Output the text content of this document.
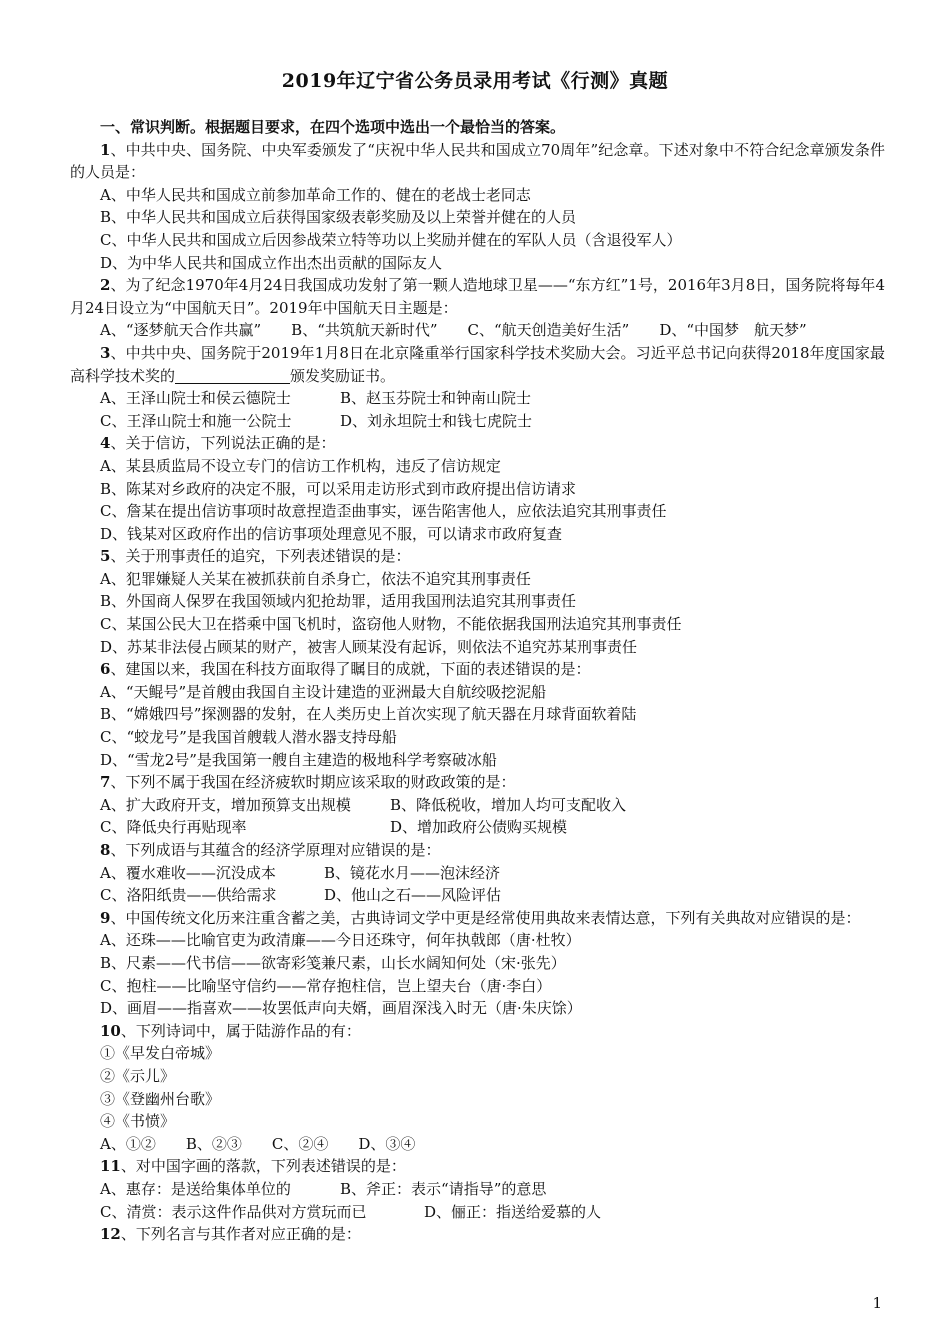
2019年辽宁省公务员录用考试《行测》真题

一、常识判断。根据题目要求，在四个选项中选出一个最恰当的答案。

1、中共中央、国务院、中央军委颁发了“庆祝中华人民共和国成立70周年”纪念章。下述对象中不符合纪念章颁发条件的人员是：

A、中华人民共和国成立前参加革命工作的、健在的老战士老同志

B、中华人民共和国成立后获得国家级表彰奖励及以上荣誉并健在的人员

C、中华人民共和国成立后因参战荣立特等功以上奖励并健在的军队人员（含退役军人）

D、为中华人民共和国成立作出杰出贡献的国际友人

2、为了纪念1970年4月24日我国成功发射了第一颗人造地球卫星——“东方红”1号，2016年3月8日，国务院将每年4月24日设立为“中国航天日”。2019年中国航天日主题是：

A、“逐梦航天合作共赢”　　B、“共筑航天新时代”　　C、“航天创造美好生活”　　D、“中国梦　航天梦”

3、中共中央、国务院于2019年1月8日在北京隆重举行国家科学技术奖励大会。习近平总书记向获得2018年度国家最高科学技术奖的	颁发奖励证书。

A、王泽山院士和侯云德院士	B、赵玉芬院士和钟南山院士

C、王泽山院士和施一公院士	D、刘永坦院士和钱七虎院士

4、关于信访，下列说法正确的是：

A、某县质监局不设立专门的信访工作机构，违反了信访规定

B、陈某对乡政府的决定不服，可以采用走访形式到市政府提出信访请求

C、詹某在提出信访事项时故意捏造歪曲事实，诬告陷害他人，应依法追究其刑事责任

D、钱某对区政府作出的信访事项处理意见不服，可以请求市政府复查

5、关于刑事责任的追究，下列表述错误的是：

A、犯罪嫌疑人关某在被抓获前自杀身亡，依法不追究其刑事责任

B、外国商人保罗在我国领域内犯抢劫罪，适用我国刑法追究其刑事责任

C、某国公民大卫在搭乘中国飞机时，盗窃他人财物，不能依据我国刑法追究其刑事责任

D、苏某非法侵占顾某的财产，被害人顾某没有起诉，则依法不追究苏某刑事责任

6、建国以来，我国在科技方面取得了瞩目的成就，下面的表述错误的是：

A、“天鲲号”是首艘由我国自主设计建造的亚洲最大自航绞吸挖泥船

B、“嫦娥四号”探测器的发射，在人类历史上首次实现了航天器在月球背面软着陆

C、“蛟龙号”是我国首艘载人潜水器支持母船

D、“雪龙2号”是我国第一艘自主建造的极地科学考察破冰船

7、下列不属于我国在经济疲软时期应该采取的财政政策的是：

A、扩大政府开支，增加预算支出规模	B、降低税收，增加人均可支配收入

C、降低央行再贴现率	D、增加政府公债购买规模

8、下列成语与其蕴含的经济学原理对应错误的是：

A、覆水难收——沉没成本	B、镜花水月——泡沫经济

C、洛阳纸贵——供给需求	D、他山之石——风险评估

9、中国传统文化历来注重含蓄之美，古典诗词文学中更是经常使用典故来表情达意，下列有关典故对应错误的是：

A、还珠——比喻官吏为政清廉——今日还珠守，何年执戟郎（唐·杜牧）

B、尺素——代书信——欲寄彩笺兼尺素，山长水阔知何处（宋·张先）

C、抱柱——比喻坚守信约——常存抱柱信，岂上望夫台（唐·李白）

D、画眉——指喜欢——妆罢低声向夫婿，画眉深浅入时无（唐·朱庆馀）

10、下列诗词中，属于陆游作品的有：

①《早发白帝城》

②《示儿》

③《登幽州台歌》

④《书愤》

A、①②　　B、②③　　C、②④　　D、③④

11、对中国字画的落款，下列表述错误的是：

A、惠存：是送给集体单位的	B、斧正：表示“请指导”的意思

C、清赏：表示这件作品供对方赏玩而已	D、俪正：指送给爱慕的人

12、下列名言与其作者对应正确的是：

1
